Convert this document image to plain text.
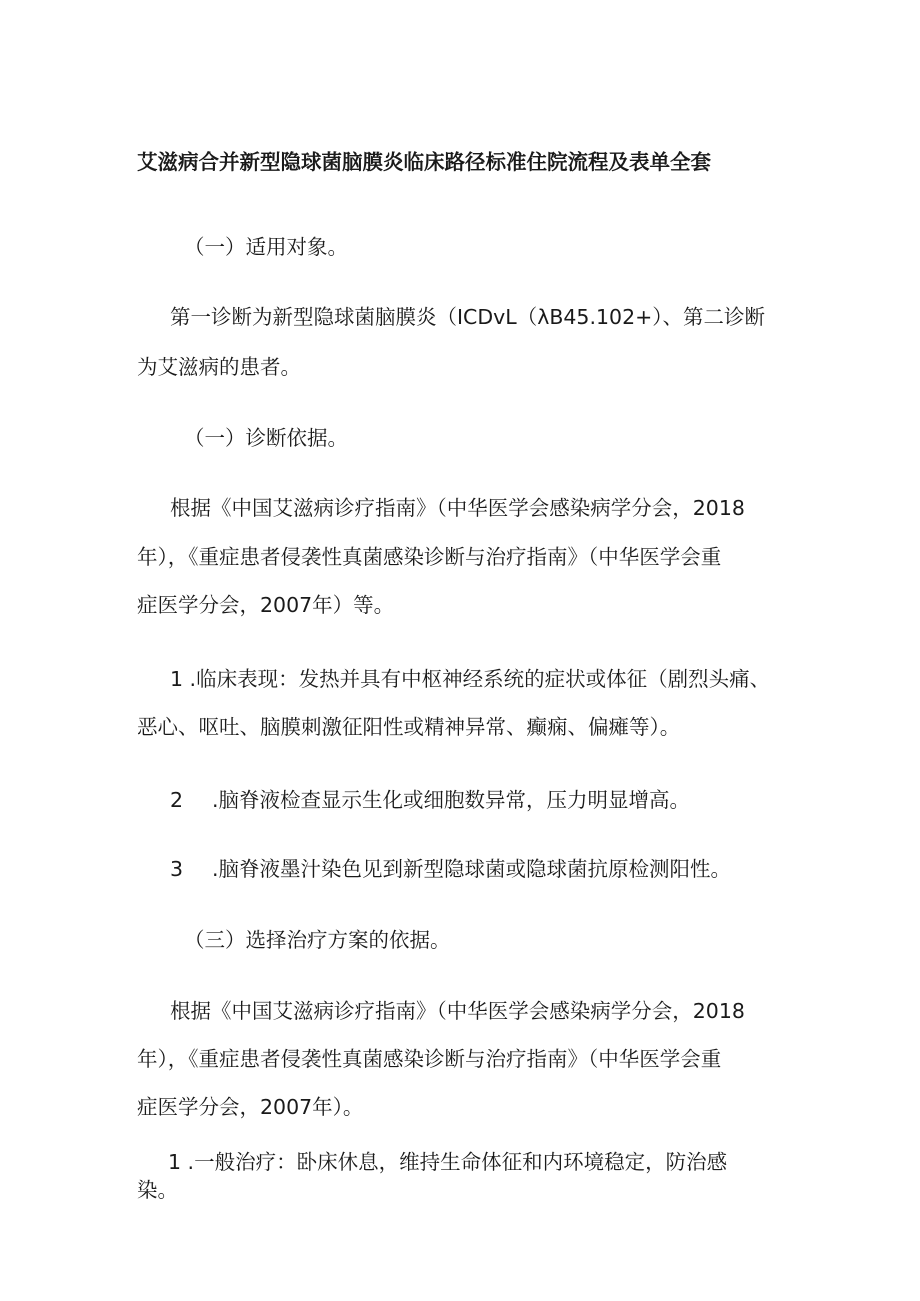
艾滋病合并新型隐球菌脑膜炎临床路径标准住院流程及表单全套
（一）适用对象。
第一诊断为新型隐球菌脑膜炎（ICDvL（λB45.102+）、第二诊断
为艾滋病的患者。
（一）诊断依据。
根据《中国艾滋病诊疗指南》（中华医学会感染病学分会，2018
年），《重症患者侵袭性真菌感染诊断与治疗指南》（中华医学会重
症医学分会，2007年）等。
1 .临床表现：发热并具有中枢神经系统的症状或体征（剧烈头痛、
恶心、呕吐、脑膜刺激征阳性或精神异常、癫痫、偏瘫等）。
2 .脑脊液检查显示生化或细胞数异常，压力明显增高。
3 .脑脊液墨汁染色见到新型隐球菌或隐球菌抗原检测阳性。
（三）选择治疗方案的依据。
根据《中国艾滋病诊疗指南》（中华医学会感染病学分会，2018
年），《重症患者侵袭性真菌感染诊断与治疗指南》（中华医学会重
症医学分会，2007年）。
1 .一般治疗：卧床休息，维持生命体征和内环境稳定，防治感
染。
